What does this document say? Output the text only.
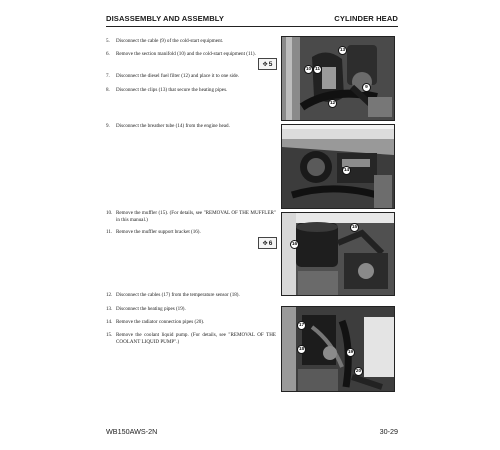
DISASSEMBLY AND ASSEMBLY	CYLINDER HEAD
5. Disconnect the cable (9) of the cold-start equipment.
6. Remove the section manifold (10) and the cold-start equipment (11).
✥ 5
7. Disconnect the diesel fuel filter (12) and place it to one side.
8. Disconnect the clips (13) that secure the heating pipes.
9. Disconnect the breather tube (14) from the engine head.
10. Remove the muffler (15). (For details, see "REMOVAL OF THE MUFFLER" in this manual.)
11. Remove the muffler support bracket (16).
✥ 6
12. Disconnect the cables (17) from the temperature sensor (18).
13. Disconnect the heating pipes (19).
14. Remove the radiator connection pipes (20).
15. Remove the coolant liquid pump. (For details, see "REMOVAL OF THE COOLANT LIQUID PUMP".)
13
10 11
9
12
14
15
16
17
18
19
20
WB150AWS-2N	30-29
